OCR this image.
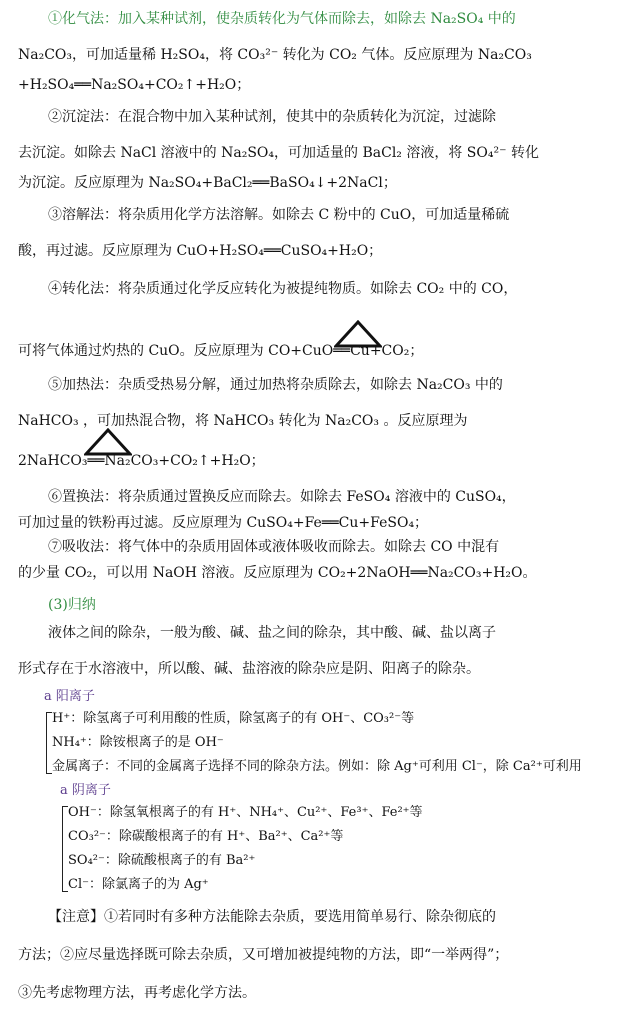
①化气法：加入某种试剂，使杂质转化为气体而除去，如除去 Na₂SO₄ 中的
Na₂CO₃，可加适量稀 H₂SO₄，将 CO₃²⁻ 转化为 CO₂ 气体。反应原理为 Na₂CO₃
+H₂SO₄══Na₂SO₄+CO₂↑+H₂O；
②沉淀法：在混合物中加入某种试剂，使其中的杂质转化为沉淀，过滤除
去沉淀。如除去 NaCl 溶液中的 Na₂SO₄，可加适量的 BaCl₂ 溶液，将 SO₄²⁻ 转化
为沉淀。反应原理为 Na₂SO₄+BaCl₂══BaSO₄↓+2NaCl；
③溶解法：将杂质用化学方法溶解。如除去 C 粉中的 CuO，可加适量稀硫
酸，再过滤。反应原理为 CuO+H₂SO₄══CuSO₄+H₂O；
④转化法：将杂质通过化学反应转化为被提纯物质。如除去 CO₂ 中的 CO，
可将气体通过灼热的 CuO。反应原理为 CO+CuO══Cu+CO₂；
⑤加热法：杂质受热易分解，通过加热将杂质除去，如除去 Na₂CO₃ 中的
NaHCO₃ ，可加热混合物，将 NaHCO₃ 转化为 Na₂CO₃ 。反应原理为
2NaHCO₃══Na₂CO₃+CO₂↑+H₂O；
⑥置换法：将杂质通过置换反应而除去。如除去 FeSO₄ 溶液中的 CuSO₄，
可加过量的铁粉再过滤。反应原理为 CuSO₄+Fe══Cu+FeSO₄；
⑦吸收法：将气体中的杂质用固体或液体吸收而除去。如除去 CO 中混有
的少量 CO₂，可以用 NaOH 溶液。反应原理为 CO₂+2NaOH══Na₂CO₃+H₂O。
(3)归纳
液体之间的除杂，一般为酸、碱、盐之间的除杂，其中酸、碱、盐以离子
形式存在于水溶液中，所以酸、碱、盐溶液的除杂应是阴、阳离子的除杂。
a 阳离子
H⁺：除氢离子可利用酸的性质，除氢离子的有 OH⁻、CO₃²⁻等
NH₄⁺：除铵根离子的是 OH⁻
金属离子：不同的金属离子选择不同的除杂方法。例如：除 Ag⁺可利用 Cl⁻，除 Ca²⁺可利用
a 阴离子
OH⁻：除氢氧根离子的有 H⁺、NH₄⁺、Cu²⁺、Fe³⁺、Fe²⁺等
CO₃²⁻：除碳酸根离子的有 H⁺、Ba²⁺、Ca²⁺等
SO₄²⁻：除硫酸根离子的有 Ba²⁺
Cl⁻：除氯离子的为 Ag⁺
【注意】①若同时有多种方法能除去杂质，要选用简单易行、除杂彻底的
方法；②应尽量选择既可除去杂质，又可增加被提纯物的方法，即“一举两得”；
③先考虑物理方法，再考虑化学方法。
